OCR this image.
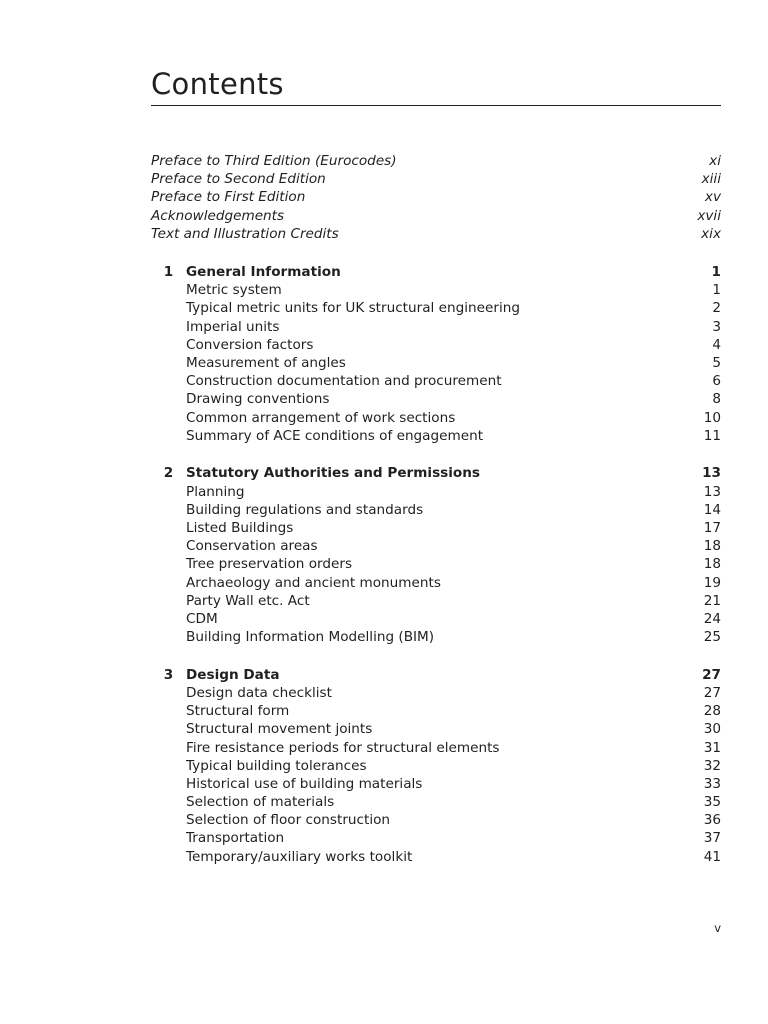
Contents
Preface to Third Edition (Eurocodes)	xi
Preface to Second Edition	xiii
Preface to First Edition	xv
Acknowledgements	xvii
Text and Illustration Credits	xix
1 General Information	1
Metric system	1
Typical metric units for UK structural engineering	2
Imperial units	3
Conversion factors	4
Measurement of angles	5
Construction documentation and procurement	6
Drawing conventions	8
Common arrangement of work sections	10
Summary of ACE conditions of engagement	11
2 Statutory Authorities and Permissions	13
Planning	13
Building regulations and standards	14
Listed Buildings	17
Conservation areas	18
Tree preservation orders	18
Archaeology and ancient monuments	19
Party Wall etc. Act	21
CDM	24
Building Information Modelling (BIM)	25
3 Design Data	27
Design data checklist	27
Structural form	28
Structural movement joints	30
Fire resistance periods for structural elements	31
Typical building tolerances	32
Historical use of building materials	33
Selection of materials	35
Selection of floor construction	36
Transportation	37
Temporary/auxiliary works toolkit	41
v
